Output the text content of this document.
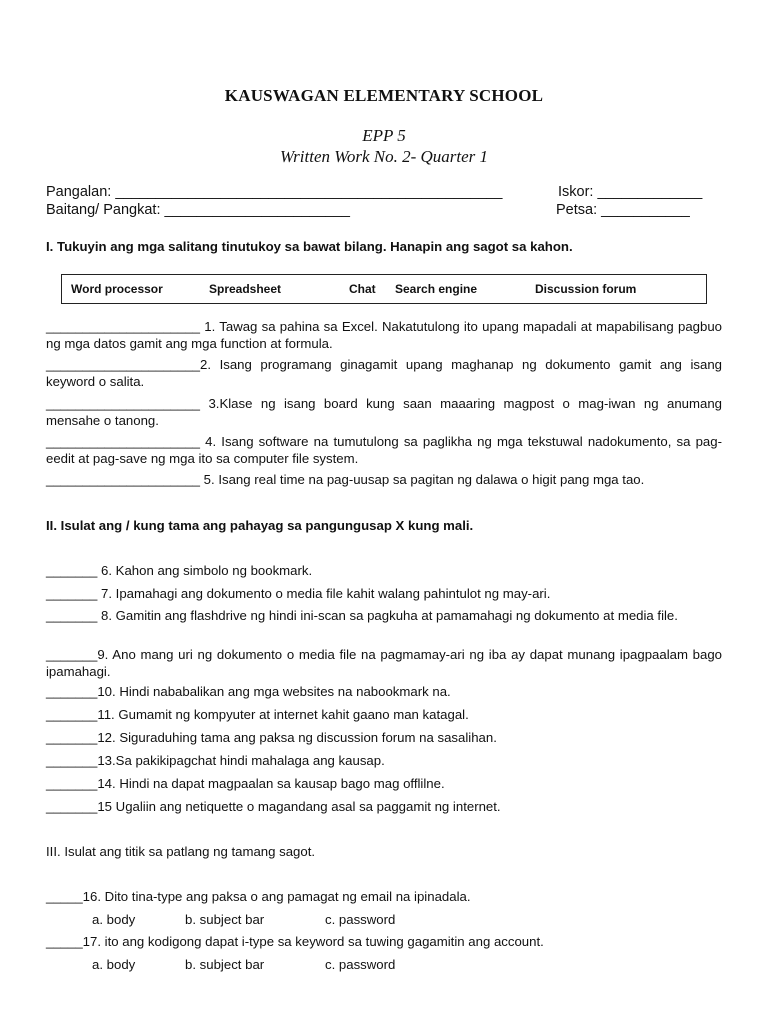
KAUSWAGAN ELEMENTARY SCHOOL
EPP 5
Written Work No. 2- Quarter 1
Pangalan: ________________________________________________	Iskor: _____________
Baitang/ Pangkat: _______________________	Petsa: ___________
I. Tukuyin ang mga salitang tinutukoy sa bawat bilang. Hanapin ang sagot sa kahon.
Word processor	Spreadsheet	Chat Search engine	Discussion forum
_____________________ 1. Tawag sa pahina sa Excel. Nakatutulong ito upang mapadali at mapabilisang pagbuo ng mga datos gamit ang mga function at formula.
_____________________2. Isang programang ginagamit upang maghanap ng dokumento gamit ang isang keyword o salita.
_____________________ 3.Klase ng isang board kung saan maaaring magpost o mag-iwan ng anumang mensahe o tanong.
_____________________ 4. Isang software na tumutulong sa paglikha ng mga tekstuwal nadokumento, sa pag-eedit at pag-save ng mga ito sa computer file system.
_____________________ 5. Isang real time na pag-uusap sa pagitan ng dalawa o higit pang mga tao.
II. Isulat ang / kung tama ang pahayag sa pangungusap X kung mali.
_______ 6. Kahon ang simbolo ng bookmark.
_______ 7. Ipamahagi ang dokumento o media file kahit walang pahintulot ng may-ari.
_______ 8. Gamitin ang flashdrive ng hindi ini-scan sa pagkuha at pamamahagi ng dokumento at media file.
_______9. Ano mang uri ng dokumento o media file na pagmamay-ari ng iba ay dapat munang ipagpaalam bago ipamahagi.
_______10. Hindi nababalikan ang mga websites na nabookmark na.
_______11. Gumamit ng kompyuter at internet kahit gaano man katagal.
_______12. Siguraduhing tama ang paksa ng discussion forum na sasalihan.
_______13.Sa pakikipagchat hindi mahalaga ang kausap.
_______14. Hindi na dapat magpaalan sa kausap bago mag offlilne.
_______15 Ugaliin ang netiquette o magandang asal sa paggamit ng internet.
III. Isulat ang titik sa patlang ng tamang sagot.
_____16. Dito tina-type ang paksa o ang pamagat ng email na ipinadala.
a. body	b. subject bar	c. password
_____17. ito ang kodigong dapat i-type sa keyword sa tuwing gagamitin ang account.
a. body	b. subject bar	c. password
